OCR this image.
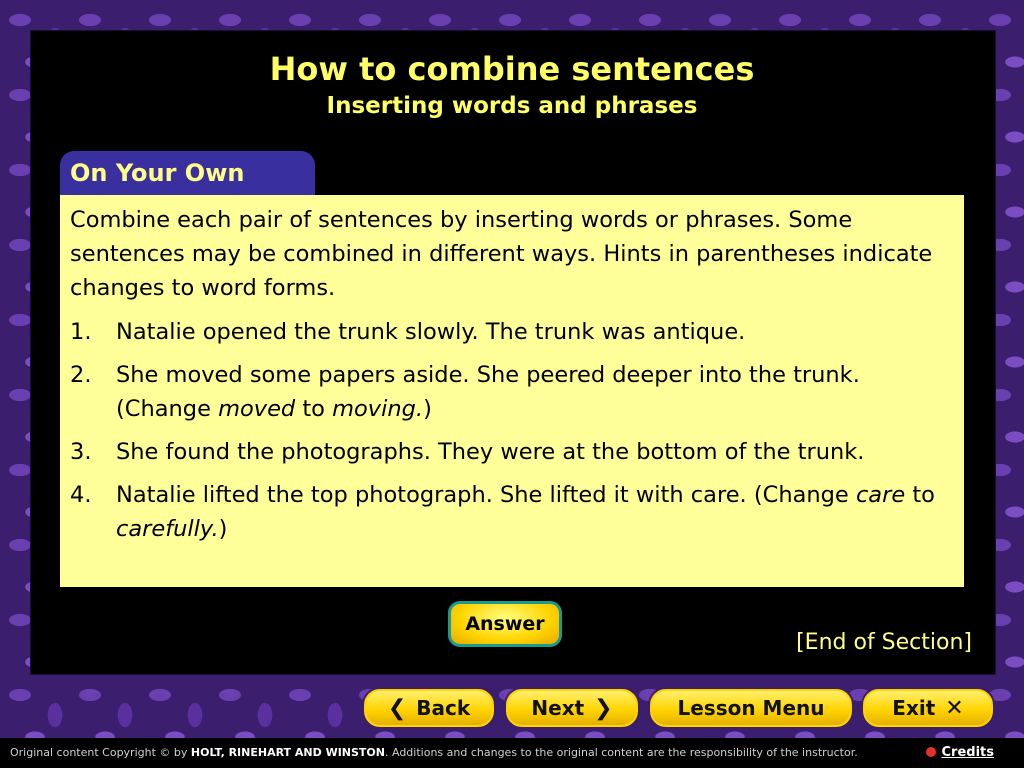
How to combine sentences
Inserting words and phrases
On Your Own

Combine each pair of sentences by inserting words or phrases. Some sentences may be combined in different ways. Hints in parentheses indicate changes to word forms.

1.	Natalie opened the trunk slowly. The trunk was antique.
2.	She moved some papers aside. She peered deeper into the trunk. (Change moved to moving.)
3.	She found the photographs. They were at the bottom of the trunk.
4.	Natalie lifted the top photograph. She lifted it with care. (Change care to carefully.)
Answer
[End of Section]
❮ Back	Next ❯	Lesson Menu	Exit ✕
Original content Copyright © by HOLT, RINEHART AND WINSTON. Additions and changes to the original content are the responsibility of the instructor.	Credits
